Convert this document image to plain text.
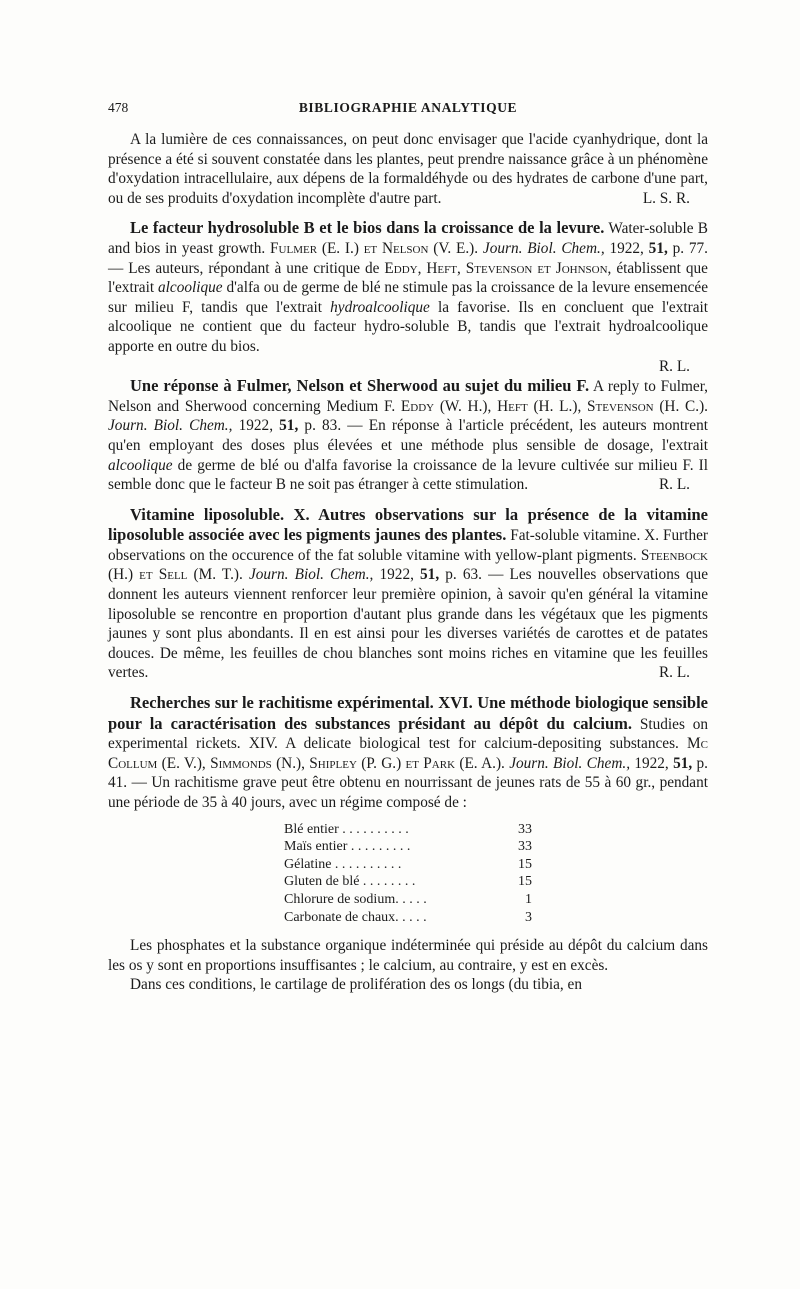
478	BIBLIOGRAPHIE ANALYTIQUE

A la lumière de ces connaissances, on peut donc envisager que l'acide cyanhydrique, dont la présence a été si souvent constatée dans les plantes, peut prendre naissance grâce à un phénomène d'oxydation intracellulaire, aux dépens de la formaldéhyde ou des hydrates de carbone d'une part, ou de ses produits d'oxydation incomplète d'autre part.	L. S. R.

Le facteur hydrosoluble B et le bios dans la croissance de la levure. Water-soluble B and bios in yeast growth. Fulmer (E. I.) et Nelson (V. E.). Journ. Biol. Chem., 1922, 51, p. 77. — Les auteurs, répondant à une critique de Eddy, Heft, Stevenson et Johnson, établissent que l'extrait alcoolique d'alfa ou de germe de blé ne stimule pas la croissance de la levure ensemencée sur milieu F, tandis que l'extrait hydroalcoolique la favorise. Ils en concluent que l'extrait alcoolique ne contient que du facteur hydro-soluble B, tandis que l'extrait hydroalcoolique apporte en outre du bios.
R. L.

Une réponse à Fulmer, Nelson et Sherwood au sujet du milieu F. A reply to Fulmer, Nelson and Sherwood concerning Medium F. Eddy (W. H.), Heft (H. L.), Stevenson (H. C.). Journ. Biol. Chem., 1922, 51, p. 83. — En réponse à l'article précédent, les auteurs montrent qu'en employant des doses plus élevées et une méthode plus sensible de dosage, l'extrait alcoolique de germe de blé ou d'alfa favorise la croissance de la levure cultivée sur milieu F. Il semble donc que le facteur B ne soit pas étranger à cette stimulation.	R. L.

Vitamine liposoluble. X. Autres observations sur la présence de la vitamine liposoluble associée avec les pigments jaunes des plantes. Fat-soluble vitamine. X. Further observations on the occurence of the fat soluble vitamine with yellow-plant pigments. Steenbock (H.) et Sell (M. T.). Journ. Biol. Chem., 1922, 51, p. 63. — Les nouvelles observations que donnent les auteurs viennent renforcer leur première opinion, à savoir qu'en général la vitamine liposoluble se rencontre en proportion d'autant plus grande dans les végétaux que les pigments jaunes y sont plus abondants. Il en est ainsi pour les diverses variétés de carottes et de patates douces. De même, les feuilles de chou blanches sont moins riches en vitamine que les feuilles vertes.	R. L.

Recherches sur le rachitisme expérimental. XVI. Une méthode biologique sensible pour la caractérisation des substances présidant au dépôt du calcium. Studies on experimental rickets. XIV. A delicate biological test for calcium-depositing substances. Mc Collum (E. V.), Simmonds (N.), Shipley (P. G.) et Park (E. A.). Journ. Biol. Chem., 1922, 51, p. 41. — Un rachitisme grave peut être obtenu en nourrissant de jeunes rats de 55 à 60 gr., pendant une période de 35 à 40 jours, avec un régime composé de :

Blé entier . . . . . . . . . .	33
Maïs entier . . . . . . . . .	33
Gélatine . . . . . . . . . .	15
Gluten de blé . . . . . . . .	15
Chlorure de sodium. . . . .	1
Carbonate de chaux. . . . .	3

Les phosphates et la substance organique indéterminée qui préside au dépôt du calcium dans les os y sont en proportions insuffisantes ; le calcium, au contraire, y est en excès.

Dans ces conditions, le cartilage de prolifération des os longs (du tibia, en
